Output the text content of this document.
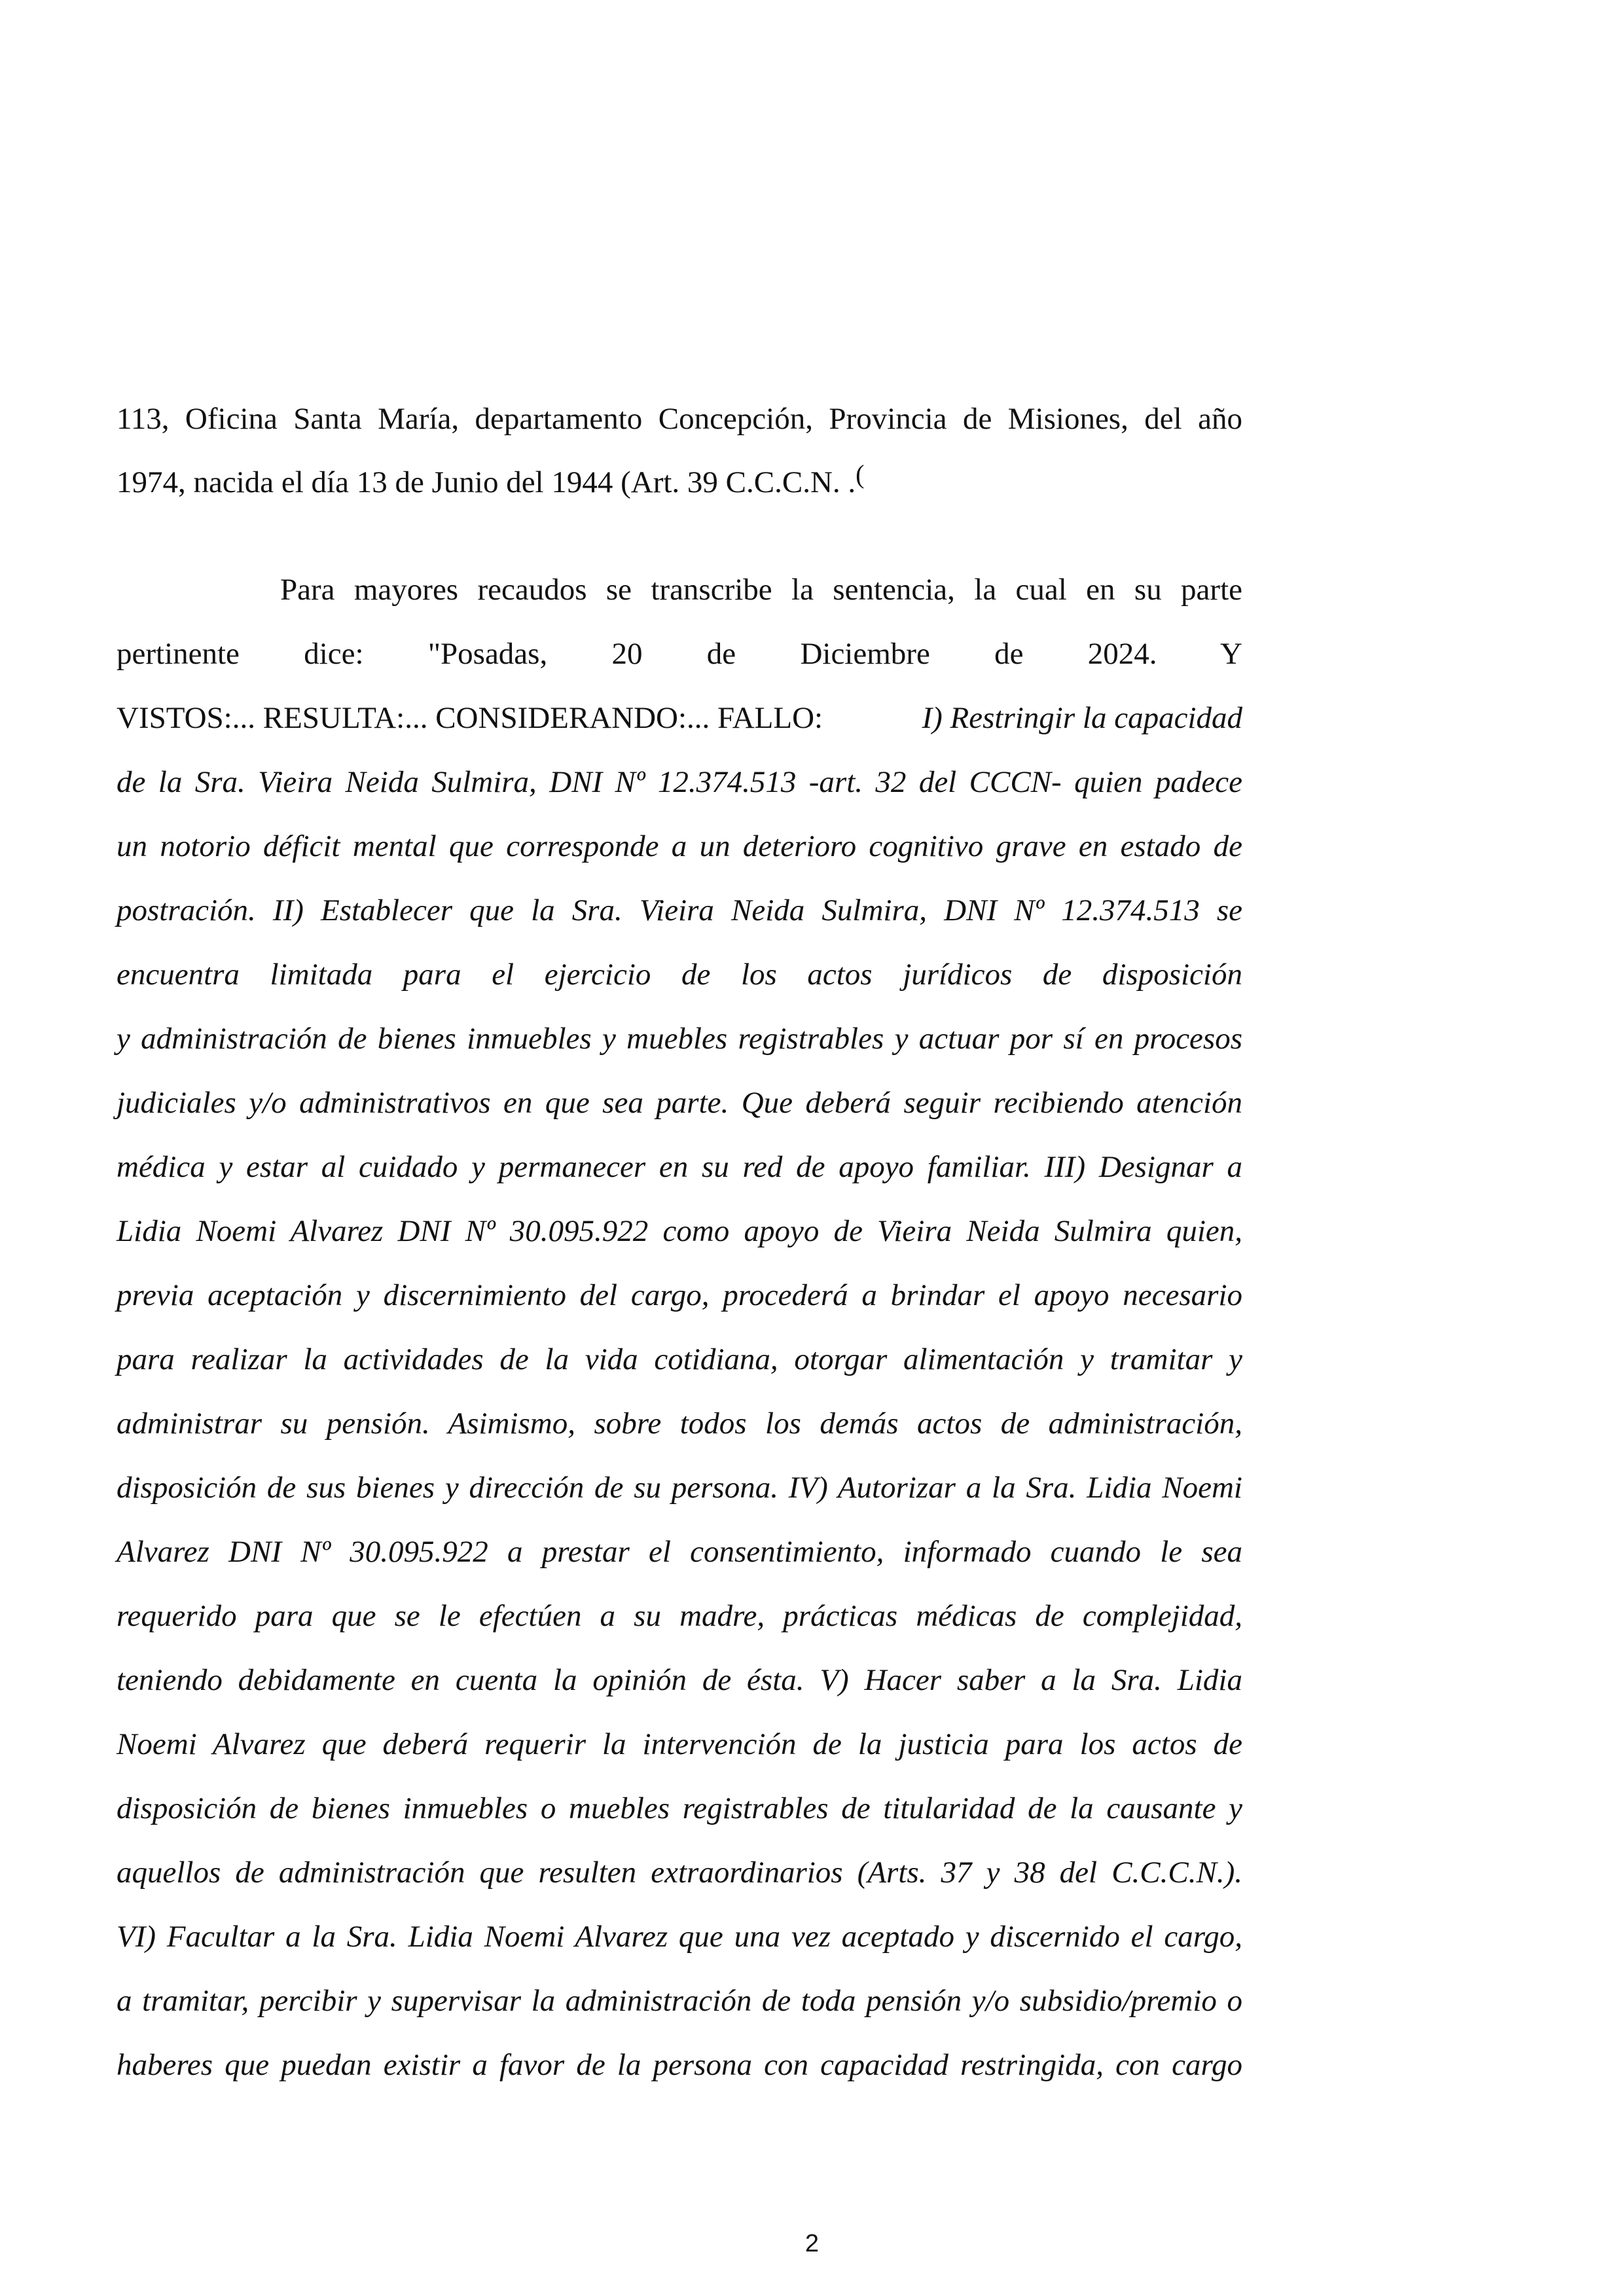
113, Oficina Santa María, departamento Concepción, Provincia de Misiones, del año
1974, nacida el día 13 de Junio del 1944 (Art. 39 C.C.C.N. .(
Para mayores recaudos se transcribe la sentencia, la cual en su parte
pertinente dice: "Posadas, 20 de Diciembre de 2024. Y
VISTOS:... RESULTA:... CONSIDERANDO:... FALLO:	I) Restringir la capacidad
de la Sra. Vieira Neida Sulmira, DNI Nº 12.374.513 -art. 32 del CCCN- quien padece
un notorio déficit mental que corresponde a un deterioro cognitivo grave en estado de
postración. II) Establecer que la Sra. Vieira Neida Sulmira, DNI Nº 12.374.513 se
encuentra limitada para el ejercicio de los actos jurídicos de disposición
y administración de bienes inmuebles y muebles registrables y actuar por sí en procesos
judiciales y/o administrativos en que sea parte. Que deberá seguir recibiendo atención
médica y estar al cuidado y permanecer en su red de apoyo familiar. III) Designar a
Lidia Noemi Alvarez DNI Nº 30.095.922 como apoyo de Vieira Neida Sulmira quien,
previa aceptación y discernimiento del cargo, procederá a brindar el apoyo necesario
para realizar la actividades de la vida cotidiana, otorgar alimentación y tramitar y
administrar su pensión. Asimismo, sobre todos los demás actos de administración,
disposición de sus bienes y dirección de su persona. IV) Autorizar a la Sra. Lidia Noemi
Alvarez DNI Nº 30.095.922 a prestar el consentimiento, informado cuando le sea
requerido para que se le efectúen a su madre, prácticas médicas de complejidad,
teniendo debidamente en cuenta la opinión de ésta. V) Hacer saber a la Sra. Lidia
Noemi Alvarez que deberá requerir la intervención de la justicia para los actos de
disposición de bienes inmuebles o muebles registrables de titularidad de la causante y
aquellos de administración que resulten extraordinarios (Arts. 37 y 38 del C.C.C.N.).
VI) Facultar a la Sra. Lidia Noemi Alvarez que una vez aceptado y discernido el cargo,
a tramitar, percibir y supervisar la administración de toda pensión y/o subsidio/premio o
haberes que puedan existir a favor de la persona con capacidad restringida, con cargo
2
